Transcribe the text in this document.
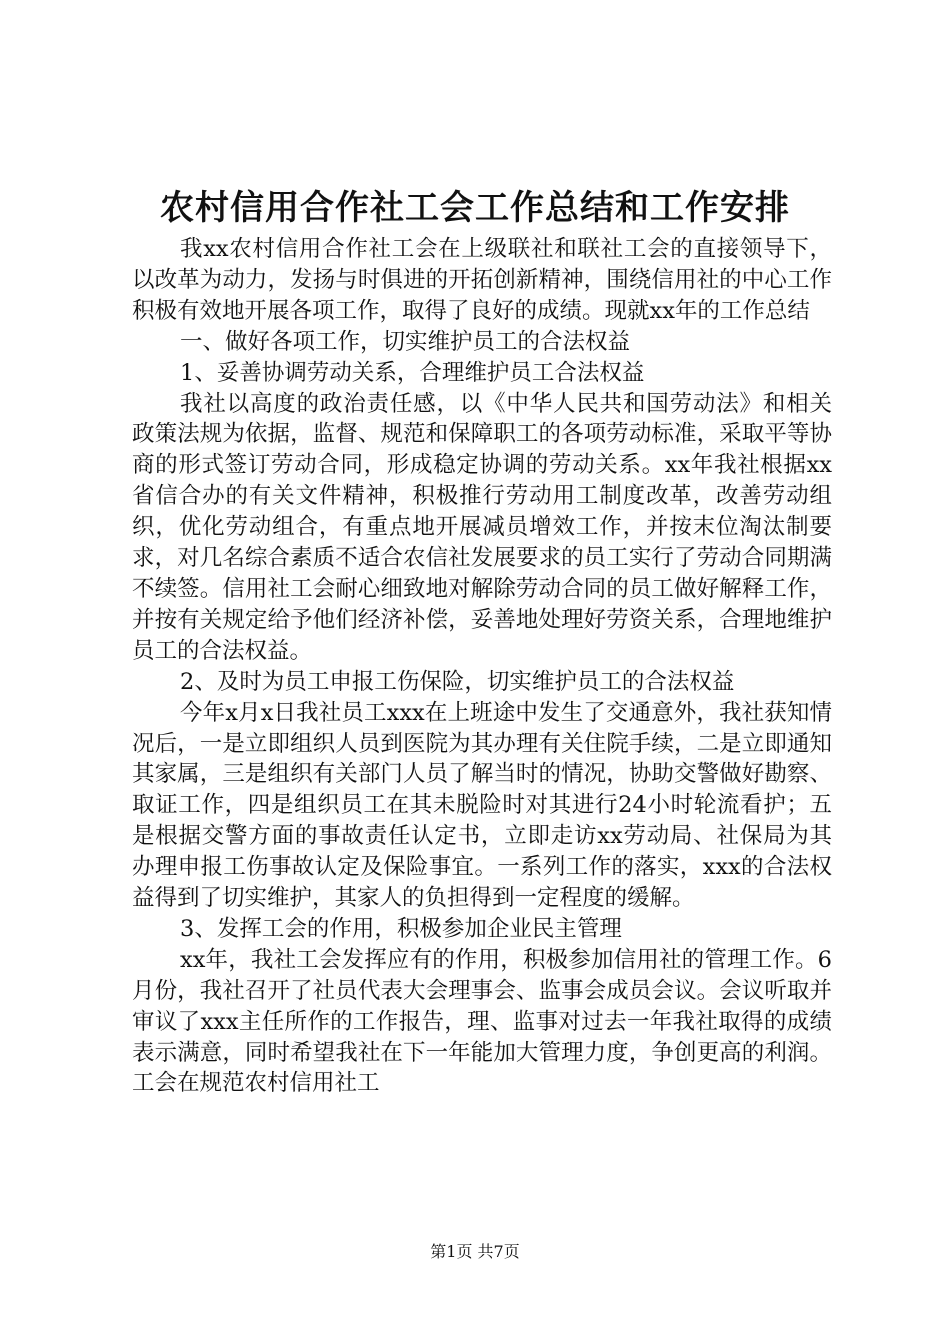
农村信用合作社工会工作总结和工作安排

我xx农村信用合作社工会在上级联社和联社工会的直接领导下，以改革为动力，发扬与时俱进的开拓创新精神，围绕信用社的中心工作积极有效地开展各项工作，取得了良好的成绩。现就xx年的工作总结

一、做好各项工作，切实维护员工的合法权益

1、妥善协调劳动关系，合理维护员工合法权益

我社以高度的政治责任感，以《中华人民共和国劳动法》和相关政策法规为依据，监督、规范和保障职工的各项劳动标准，采取平等协商的形式签订劳动合同，形成稳定协调的劳动关系。xx年我社根据xx省信合办的有关文件精神，积极推行劳动用工制度改革，改善劳动组织，优化劳动组合，有重点地开展减员增效工作，并按末位淘汰制要求，对几名综合素质不适合农信社发展要求的员工实行了劳动合同期满不续签。信用社工会耐心细致地对解除劳动合同的员工做好解释工作，并按有关规定给予他们经济补偿，妥善地处理好劳资关系，合理地维护员工的合法权益。

2、及时为员工申报工伤保险，切实维护员工的合法权益

今年x月x日我社员工xxx在上班途中发生了交通意外，我社获知情况后，一是立即组织人员到医院为其办理有关住院手续，二是立即通知其家属，三是组织有关部门人员了解当时的情况，协助交警做好勘察、取证工作，四是组织员工在其未脱险时对其进行24小时轮流看护；五是根据交警方面的事故责任认定书，立即走访xx劳动局、社保局为其办理申报工伤事故认定及保险事宜。一系列工作的落实，xxx的合法权益得到了切实维护，其家人的负担得到一定程度的缓解。

3、发挥工会的作用，积极参加企业民主管理

xx年，我社工会发挥应有的作用，积极参加信用社的管理工作。6月份，我社召开了社员代表大会理事会、监事会成员会议。会议听取并审议了xxx主任所作的工作报告，理、监事对过去一年我社取得的成绩表示满意，同时希望我社在下一年能加大管理力度，争创更高的利润。工会在规范农村信用社工

第1页 共7页
